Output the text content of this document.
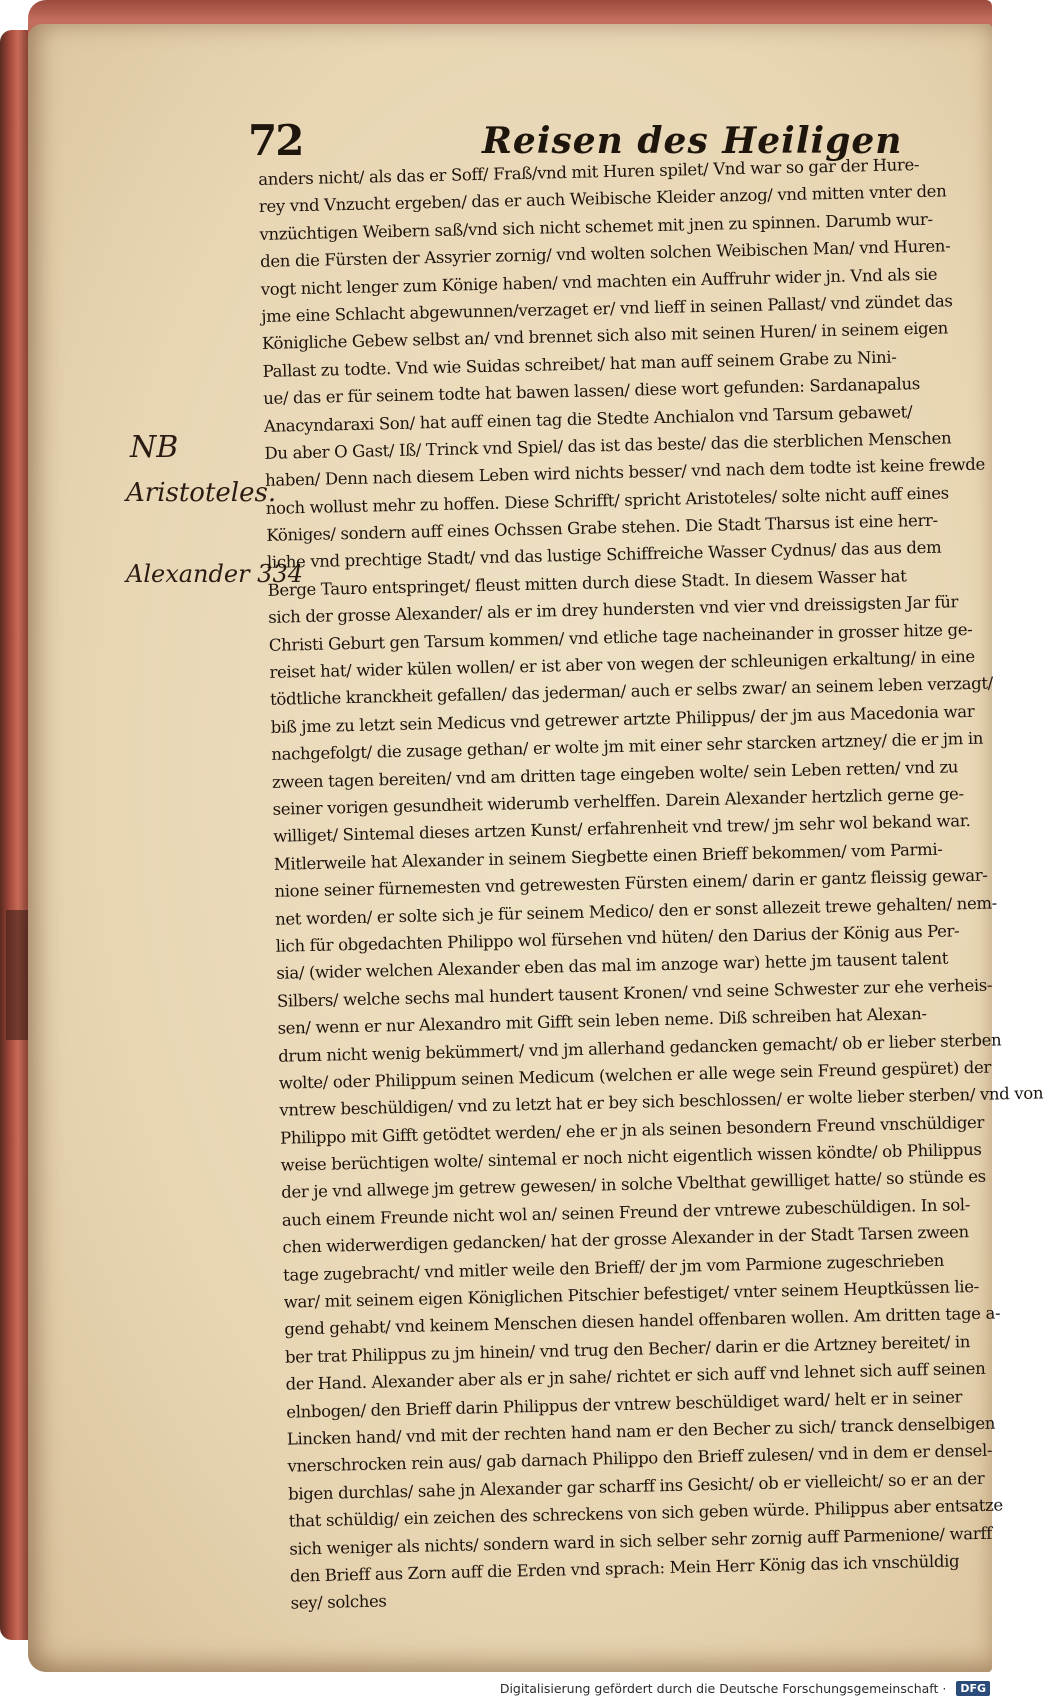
72	Reisen des Heiligen
NB
Aristoteles.
Alexander 334
anders nicht/ als das er Soff/ Fraß/vnd mit Huren spilet/ Vnd war so gar der Hure-
rey vnd Vnzucht ergeben/ das er auch Weibische Kleider anzog/ vnd mitten vnter den
vnzüchtigen Weibern saß/vnd sich nicht schemet mit jnen zu spinnen. Darumb wur-
den die Fürsten der Assyrier zornig/ vnd wolten solchen Weibischen Man/ vnd Huren-
vogt nicht lenger zum Könige haben/ vnd machten ein Auffruhr wider jn. Vnd als sie
jme eine Schlacht abgewunnen/verzaget er/ vnd lieff in seinen Pallast/ vnd zündet das
Königliche Gebew selbst an/ vnd brennet sich also mit seinen Huren/ in seinem eigen
Pallast zu todte. Vnd wie Suidas schreibet/ hat man auff seinem Grabe zu Nini-
ue/ das er für seinem todte hat bawen lassen/ diese wort gefunden: Sardanapalus
Anacyndaraxi Son/ hat auff einen tag die Stedte Anchialon vnd Tarsum gebawet/
Du aber O Gast/ Iß/ Trinck vnd Spiel/ das ist das beste/ das die sterblichen Menschen
haben/ Denn nach diesem Leben wird nichts besser/ vnd nach dem todte ist keine frewde
noch wollust mehr zu hoffen. Diese Schrifft/ spricht Aristoteles/ solte nicht auff eines
Königes/ sondern auff eines Ochssen Grabe stehen. Die Stadt Tharsus ist eine herr-
liche vnd prechtige Stadt/ vnd das lustige Schiffreiche Wasser Cydnus/ das aus dem
Berge Tauro entspringet/ fleust mitten durch diese Stadt. In diesem Wasser hat
sich der grosse Alexander/ als er im drey hundersten vnd vier vnd dreissigsten Jar für
Christi Geburt gen Tarsum kommen/ vnd etliche tage nacheinander in grosser hitze ge-
reiset hat/ wider külen wollen/ er ist aber von wegen der schleunigen erkaltung/ in eine
tödtliche kranckheit gefallen/ das jederman/ auch er selbs zwar/ an seinem leben verzagt/
biß jme zu letzt sein Medicus vnd getrewer artzte Philippus/ der jm aus Macedonia war
nachgefolgt/ die zusage gethan/ er wolte jm mit einer sehr starcken artzney/ die er jm in
zween tagen bereiten/ vnd am dritten tage eingeben wolte/ sein Leben retten/ vnd zu
seiner vorigen gesundheit widerumb verhelffen. Darein Alexander hertzlich gerne ge-
williget/ Sintemal dieses artzen Kunst/ erfahrenheit vnd trew/ jm sehr wol bekand war.
Mitlerweile hat Alexander in seinem Siegbette einen Brieff bekommen/ vom Parmi-
nione seiner fürnemesten vnd getrewesten Fürsten einem/ darin er gantz fleissig gewar-
net worden/ er solte sich je für seinem Medico/ den er sonst allezeit trewe gehalten/ nem-
lich für obgedachten Philippo wol fürsehen vnd hüten/ den Darius der König aus Per-
sia/ (wider welchen Alexander eben das mal im anzoge war) hette jm tausent talent
Silbers/ welche sechs mal hundert tausent Kronen/ vnd seine Schwester zur ehe verheis-
sen/ wenn er nur Alexandro mit Gifft sein leben neme. Diß schreiben hat Alexan-
drum nicht wenig bekümmert/ vnd jm allerhand gedancken gemacht/ ob er lieber sterben
wolte/ oder Philippum seinen Medicum (welchen er alle wege sein Freund gespüret) der
vntrew beschüldigen/ vnd zu letzt hat er bey sich beschlossen/ er wolte lieber sterben/ vnd von
Philippo mit Gifft getödtet werden/ ehe er jn als seinen besondern Freund vnschüldiger
weise berüchtigen wolte/ sintemal er noch nicht eigentlich wissen köndte/ ob Philippus
der je vnd allwege jm getrew gewesen/ in solche Vbelthat gewilliget hatte/ so stünde es
auch einem Freunde nicht wol an/ seinen Freund der vntrewe zubeschüldigen. In sol-
chen widerwerdigen gedancken/ hat der grosse Alexander in der Stadt Tarsen zween
tage zugebracht/ vnd mitler weile den Brieff/ der jm vom Parmione zugeschrieben
war/ mit seinem eigen Königlichen Pitschier befestiget/ vnter seinem Heuptküssen lie-
gend gehabt/ vnd keinem Menschen diesen handel offenbaren wollen. Am dritten tage a-
ber trat Philippus zu jm hinein/ vnd trug den Becher/ darin er die Artzney bereitet/ in
der Hand. Alexander aber als er jn sahe/ richtet er sich auff vnd lehnet sich auff seinen
elnbogen/ den Brieff darin Philippus der vntrew beschüldiget ward/ helt er in seiner
Lincken hand/ vnd mit der rechten hand nam er den Becher zu sich/ tranck denselbigen
vnerschrocken rein aus/ gab darnach Philippo den Brieff zulesen/ vnd in dem er densel-
bigen durchlas/ sahe jn Alexander gar scharff ins Gesicht/ ob er vielleicht/ so er an der
that schüldig/ ein zeichen des schreckens von sich geben würde. Philippus aber entsatze
sich weniger als nichts/ sondern ward in sich selber sehr zornig auff Parmenione/ warff
den Brieff aus Zorn auff die Erden vnd sprach: Mein Herr König das ich vnschüldig
sey/ solches
Digitalisierung gefördert durch die Deutsche Forschungsgemeinschaft · DFG
